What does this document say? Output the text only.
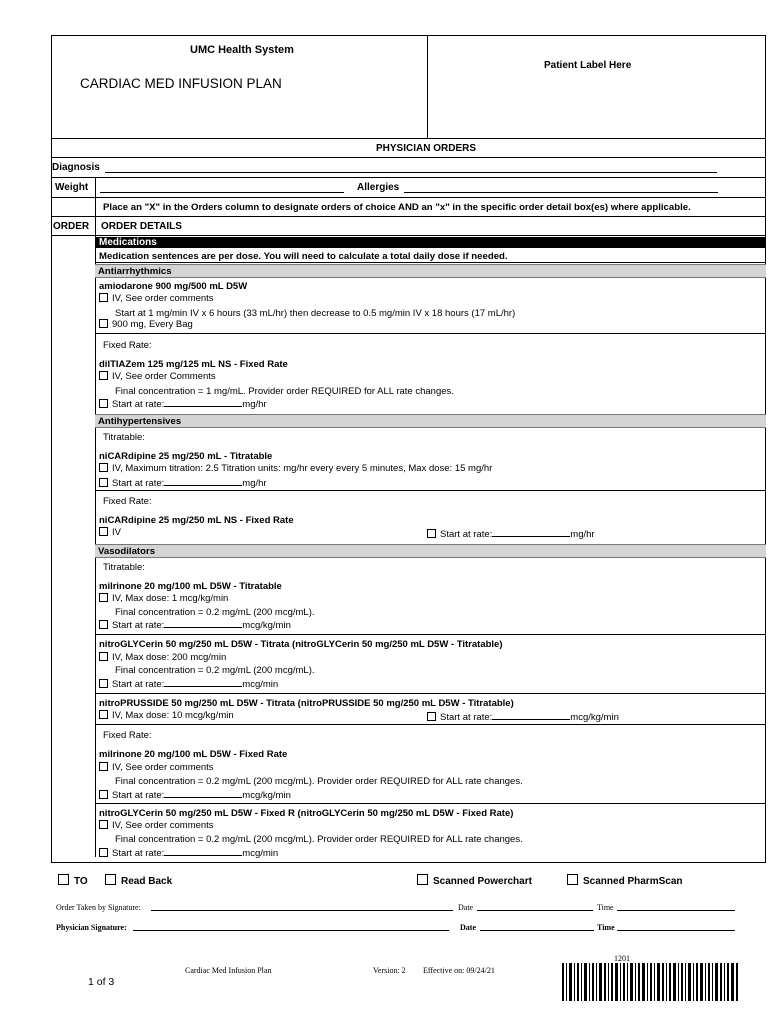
UMC Health System
CARDIAC MED INFUSION PLAN
Patient Label Here
PHYSICIAN ORDERS
Diagnosis
Weight	Allergies
Place an "X" in the Orders column to designate orders of choice AND an "x" in the specific order detail box(es) where applicable.
ORDER ORDER DETAILS
Medications
Medication sentences are per dose. You will need to calculate a total daily dose if needed.
Antiarrhythmics
amiodarone 900 mg/500 mL D5W
IV, See order comments
Start at 1 mg/min IV x 6 hours (33 mL/hr) then decrease to 0.5 mg/min IV x 18 hours (17 mL/hr)
900 mg, Every Bag
Fixed Rate:
dilTIAZem 125 mg/125 mL NS - Fixed Rate
IV, See order Comments
Final concentration = 1 mg/mL. Provider order REQUIRED for ALL rate changes.
Start at rate:	mg/hr
Antihypertensives
Titratable:
niCARdipine 25 mg/250 mL - Titratable
IV, Maximum titration: 2.5 Titration units: mg/hr every every 5 minutes, Max dose: 15 mg/hr
Start at rate:	mg/hr
Fixed Rate:
niCARdipine 25 mg/250 mL NS - Fixed Rate
IV	Start at rate:	mg/hr
Vasodilators
Titratable:
milrinone 20 mg/100 mL D5W - Titratable
IV, Max dose: 1 mcg/kg/min
Final concentration = 0.2 mg/mL (200 mcg/mL).
Start at rate:	mcg/kg/min
nitroGLYCerin 50 mg/250 mL D5W - Titrata (nitroGLYCerin 50 mg/250 mL D5W - Titratable)
IV, Max dose: 200 mcg/min
Final concentration = 0.2 mg/mL (200 mcg/mL).
Start at rate:	mcg/min
nitroPRUSSIDE 50 mg/250 mL D5W - Titrata (nitroPRUSSIDE 50 mg/250 mL D5W - Titratable)
IV, Max dose: 10 mcg/kg/min	Start at rate:	mcg/kg/min
Fixed Rate:
milrinone 20 mg/100 mL D5W - Fixed Rate
IV, See order comments
Final concentration = 0.2 mg/mL (200 mcg/mL). Provider order REQUIRED for ALL rate changes.
Start at rate:	mcg/kg/min
nitroGLYCerin 50 mg/250 mL D5W - Fixed R (nitroGLYCerin 50 mg/250 mL D5W - Fixed Rate)
IV, See order comments
Final concentration = 0.2 mg/mL (200 mcg/mL). Provider order REQUIRED for ALL rate changes.
Start at rate:	mcg/min
TO	Read Back	Scanned Powerchart	Scanned PharmScan
Order Taken by Signature:	Date	Time
Physician Signature:	Date	Time
Cardiac Med Infusion Plan	Version: 2 Effective on: 09/24/21
1 of 3
1201
